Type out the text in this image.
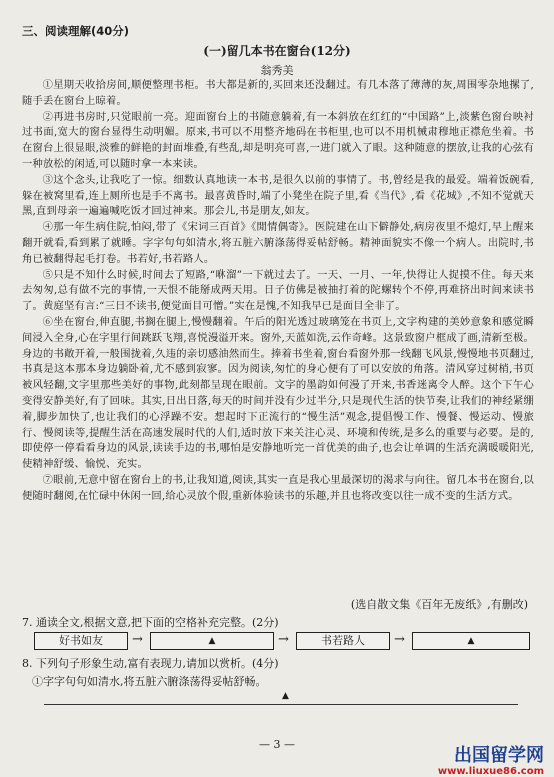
三、阅读理解(40分)
(一)留几本书在窗台(12分)
翁秀美

①星期天收拾房间,顺便整理书柜。书大都是新的,买回来还没翻过。有几本落了薄薄的灰,周围零杂地摞了,随手丢在窗台上晾着。

②再进书房时,只觉眼前一亮。迎面窗台上的书随意躺着,有一本斜放在红红的“中国路”上,淡紫色窗台映衬过书面,宽大的窗台显得生动明媚。原来,书可以不用整齐地码在书柜里,也可以不用机械肃穆地正襟危坐着。书在窗台上很显眼,淡雅的鲜艳的封面堆叠,有些乱,却是明亮可喜,一进门就入了眼。这种随意的摆放,让我的心弦有一种放松的闲适,可以随时拿一本来读。

③这个念头,让我吃了一惊。细数认真地读一本书,是很久以前的事情了。书,曾经是我的最爱。端着饭碗看,躲在被窝里看,连上厕所也是手不离书。最喜黄昏时,端了小凳坐在院子里,看《当代》,看《花城》,不知不觉就天黑,直到母亲一遍遍喊吃饭才回过神来。那会儿,书是朋友,如友。

④那一年生病住院,怕闷,带了《宋词三百首》《閒情偶寄》。医院建在山下僻静处,病房夜里不熄灯,早上醒来翻开就看,看到累了就睡。字字句句如清水,将五脏六腑涤荡得妥帖舒畅。精神面貌实不像一个病人。出院时,书角已被翻得起毛打卷。书若好,书若路人。

⑤只是不知什么时候,时间去了短路,“咻溜”一下就过去了。一天、一月、一年,快得让人捉摸不住。每天来去匆匆,总有做不完的事情,一天恨不能掰成两天用。日子仿佛是被抽打着的陀螺转个不停,再难挤出时间来读书了。黄庭坚有言:“三日不读书,便觉面目可憎。”实在是愧,不知我早已是面目全非了。

⑥坐在窗台,伸直腿,书搁在腿上,慢慢翻着。午后的阳光透过玻璃笼在书页上,文字构建的美妙意象和感觉瞬间浸入全身,心在字里行间跳跃飞翔,喜悦漫溢开来。窗外,天蓝如洗,云作奇峰。这景致窗户框成了画,清新至极。身边的书敞开着,一般围拢着,久违的亲切感油然而生。捧着书坐着,窗台看窗外那一线翻飞风景,慢慢地书页翻过,书真是这本那本身边躺卧着,尤不感到寂寥。因为阅读,匆忙的身心便有了可以安放的角落。清风穿过树梢,书页被风轻翻,文字里那些美好的事物,此刻都呈现在眼前。文字的墨韵如何漫了开来,书香迷离令人醉。这个下午心变得安静美好,有了回味。其实,日出日落,每天的时间并没有少过半分,只是现代生活的快节奏,让我们的神经紧绷着,脚步加快了,也让我们的心浮躁不安。想起时下正流行的“慢生活”观念,提倡慢工作、慢餐、慢运动、慢旅行、慢阅读等,提醒生活在高速发展时代的人们,适时放下来关注心灵、环境和传统,是多么的重要与必要。是的,即使停一停看看身边的风景,读读手边的书,哪怕是安静地听完一首优美的曲子,也会让单调的生活充满暖暖阳光,使精神舒缓、愉悦、充实。

⑦眼前,无意中留在窗台上的书,让我知道,阅读,其实一直是我心里最深切的渴求与向往。留几本书在窗台,以便随时翻阅,在忙碌中休闲一回,给心灵放个假,重新体验读书的乐趣,并且也将改变以往一成不变的生活方式。

(选自散文集《百年无废纸》,有删改)
7. 通读全文,根据文意,把下面的空格补充完整。(2分)
好书如友	→	▲	→	书若路人	→	▲
8. 下列句子形象生动,富有表现力,请加以赏析。(4分)
①字字句句如清水,将五脏六腑涤荡得妥帖舒畅。
▲
— 3 —
出国留学网
www.liuxue86.com
